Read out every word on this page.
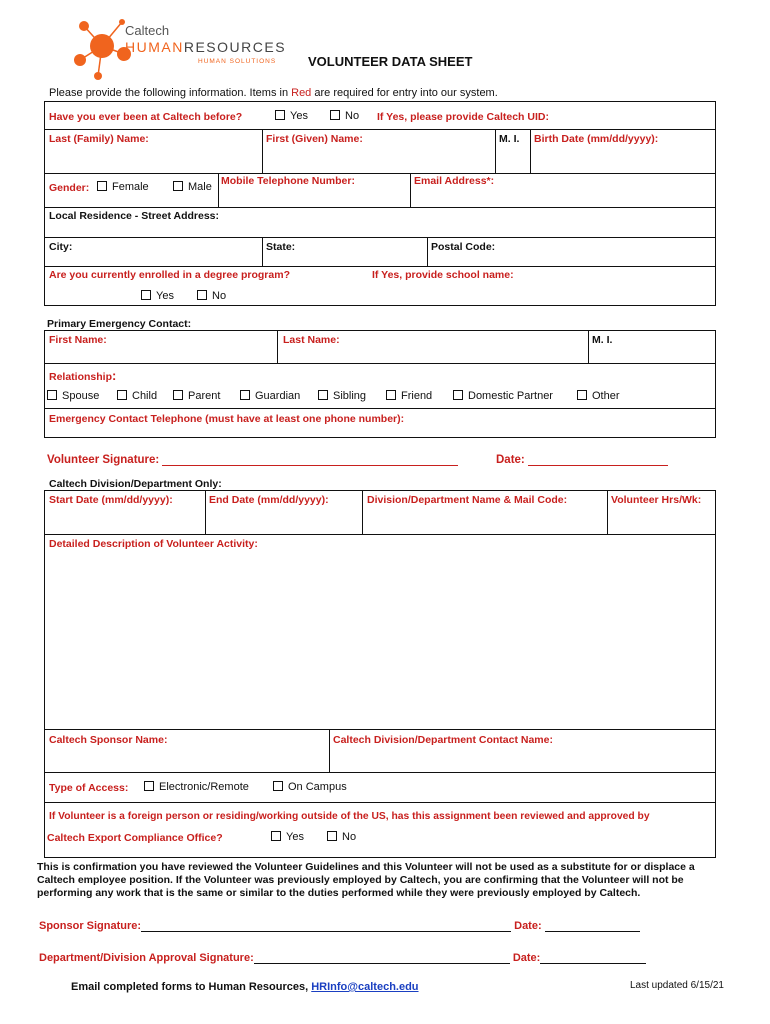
Caltech
HUMANRESOURCES
HUMAN SOLUTIONS VOLUNTEER DATA SHEET
Please provide the following information. Items in Red are required for entry into our system.
Have you ever been at Caltech before?	Yes	No If Yes, please provide Caltech UID:
Last (Family) Name:	First (Given) Name:	M. I. Birth Date (mm/dd/yyyy):
Gender:	Female	Male Mobile Telephone Number:	Email Address*:
Local Residence - Street Address:
City:	State:	Postal Code:
Are you currently enrolled in a degree program?	If Yes, provide school name:
Yes	No
Primary Emergency Contact:
First Name:	Last Name:	M. I.
Relationship:
Spouse	Child	Parent	Guardian	Sibling	Friend	Domestic Partner	Other
Emergency Contact Telephone (must have at least one phone number):
Volunteer Signature:	Date:
Caltech Division/Department Only:
Start Date (mm/dd/yyyy):	End Date (mm/dd/yyyy):	Division/Department Name & Mail Code:	Volunteer Hrs/Wk:
Detailed Description of Volunteer Activity:
Caltech Sponsor Name:	Caltech Division/Department Contact Name:
Type of Access:	Electronic/Remote	On Campus
If Volunteer is a foreign person or residing/working outside of the US, has this assignment been reviewed and approved by
Caltech Export Compliance Office?	Yes	No
This is confirmation you have reviewed the Volunteer Guidelines and this Volunteer will not be used as a substitute for or displace a Caltech employee position. If the Volunteer was previously employed by Caltech, you are confirming that the Volunteer will not be performing any work that is the same or similar to the duties performed while they were previously employed by Caltech.
Sponsor Signature:	Date:
Department/Division Approval Signature:	Date:
Email completed forms to Human Resources, HRInfo@caltech.edu	Last updated 6/15/21
